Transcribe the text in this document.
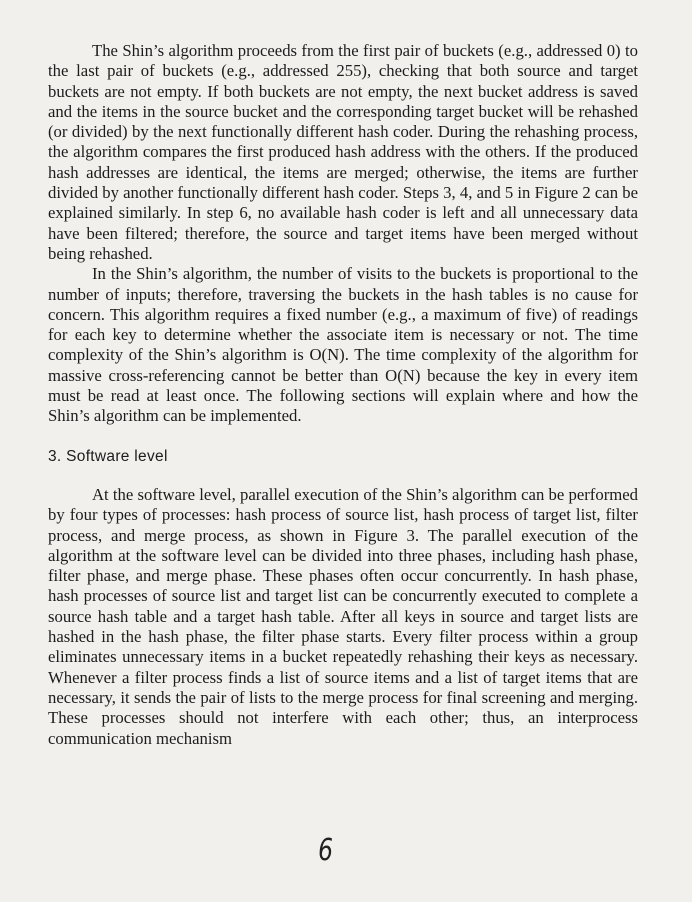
The Shin’s algorithm proceeds from the first pair of buckets (e.g., addressed 0) to the last pair of buckets (e.g., addressed 255), checking that both source and target buckets are not empty. If both buckets are not empty, the next bucket address is saved and the items in the source bucket and the corresponding target bucket will be rehashed (or divided) by the next functionally different hash coder. During the rehashing process, the algorithm compares the first produced hash address with the others. If the produced hash addresses are identical, the items are merged; otherwise, the items are further divided by another functionally different hash coder. Steps 3, 4, and 5 in Figure 2 can be explained similarly. In step 6, no available hash coder is left and all unnecessary data have been filtered; therefore, the source and target items have been merged without being rehashed.

In the Shin’s algorithm, the number of visits to the buckets is proportional to the number of inputs; therefore, traversing the buckets in the hash tables is no cause for concern. This algorithm requires a fixed number (e.g., a maximum of five) of readings for each key to determine whether the associate item is necessary or not. The time complexity of the Shin’s algorithm is O(N). The time complexity of the algorithm for massive cross-referencing cannot be better than O(N) because the key in every item must be read at least once. The following sections will explain where and how the Shin’s algorithm can be implemented.

3. Software level

At the software level, parallel execution of the Shin’s algorithm can be performed by four types of processes: hash process of source list, hash process of target list, filter process, and merge process, as shown in Figure 3. The parallel execution of the algorithm at the software level can be divided into three phases, including hash phase, filter phase, and merge phase. These phases often occur concurrently. In hash phase, hash processes of source list and target list can be concurrently executed to complete a source hash table and a target hash table. After all keys in source and target lists are hashed in the hash phase, the filter phase starts. Every filter process within a group eliminates unnecessary items in a bucket repeatedly rehashing their keys as necessary. Whenever a filter process finds a list of source items and a list of target items that are necessary, it sends the pair of lists to the merge process for final screening and merging. These processes should not interfere with each other; thus, an interprocess communication mechanism

6
